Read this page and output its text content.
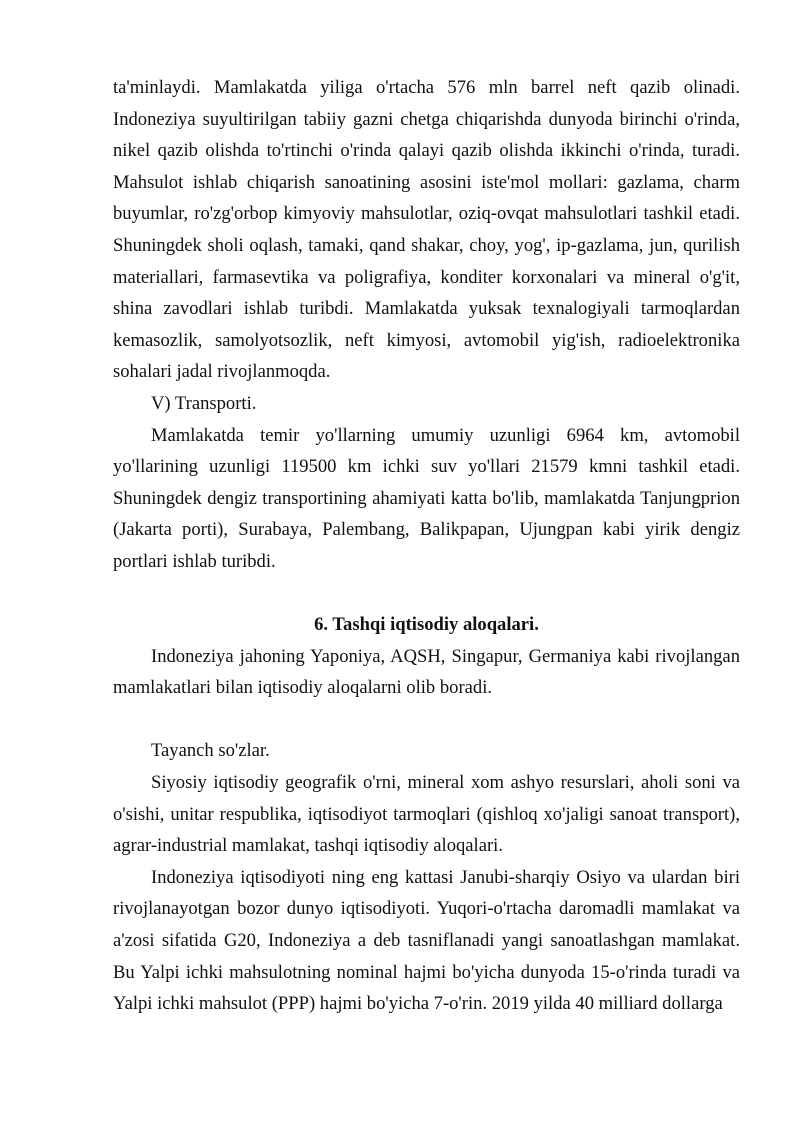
ta'minlaydi. Mamlakatda yiliga o'rtacha 576 mln barrel neft qazib olinadi. Indoneziya suyultirilgan tabiiy gazni chetga chiqarishda dunyoda birinchi o'rinda, nikel qazib olishda to'rtinchi o'rinda qalayi qazib olishda ikkinchi o'rinda, turadi. Mahsulot ishlab chiqarish sanoatining asosini iste'mol mollari: gazlama, charm buyumlar, ro'zg'orbop kimyoviy mahsulotlar, oziq-ovqat mahsulotlari tashkil etadi. Shuningdek sholi oqlash, tamaki, qand shakar, choy, yog', ip-gazlama, jun, qurilish materiallari, farmasevtika va poligrafiya, konditer korxonalari va mineral o'g'it, shina zavodlari ishlab turibdi. Mamlakatda yuksak texnalogiyali tarmoqlardan kemasozlik, samolyotsozlik, neft kimyosi, avtomobil yig'ish, radioelektronika sohalari jadal rivojlanmoqda.

V) Transporti.

Mamlakatda temir yo'llarning umumiy uzunligi 6964 km, avtomobil yo'llarining uzunligi 119500 km ichki suv yo'llari 21579 kmni tashkil etadi. Shuningdek dengiz transportining ahamiyati katta bo'lib, mamlakatda Tanjungprion (Jakarta porti), Surabaya, Palembang, Balikpapan, Ujungpan kabi yirik dengiz portlari ishlab turibdi.

6. Tashqi iqtisodiy aloqalari.

Indoneziya jahoning Yaponiya, AQSH, Singapur, Germaniya kabi rivojlangan mamlakatlari bilan iqtisodiy aloqalarni olib boradi.

Tayanch so'zlar.

Siyosiy iqtisodiy geografik o'rni, mineral xom ashyo resurslari, aholi soni va o'sishi, unitar respublika, iqtisodiyot tarmoqlari (qishloq xo'jaligi sanoat transport), agrar-industrial mamlakat, tashqi iqtisodiy aloqalari.

Indoneziya iqtisodiyoti ning eng kattasi Janubi-sharqiy Osiyo va ulardan biri rivojlanayotgan bozor dunyo iqtisodiyoti. Yuqori-o'rtacha daromadli mamlakat va a'zosi sifatida G20, Indoneziya a deb tasniflanadi yangi sanoatlashgan mamlakat. Bu Yalpi ichki mahsulotning nominal hajmi bo'yicha dunyoda 15-o'rinda turadi va Yalpi ichki mahsulot (PPP) hajmi bo'yicha 7-o'rin. 2019 yilda 40 milliard dollarga
